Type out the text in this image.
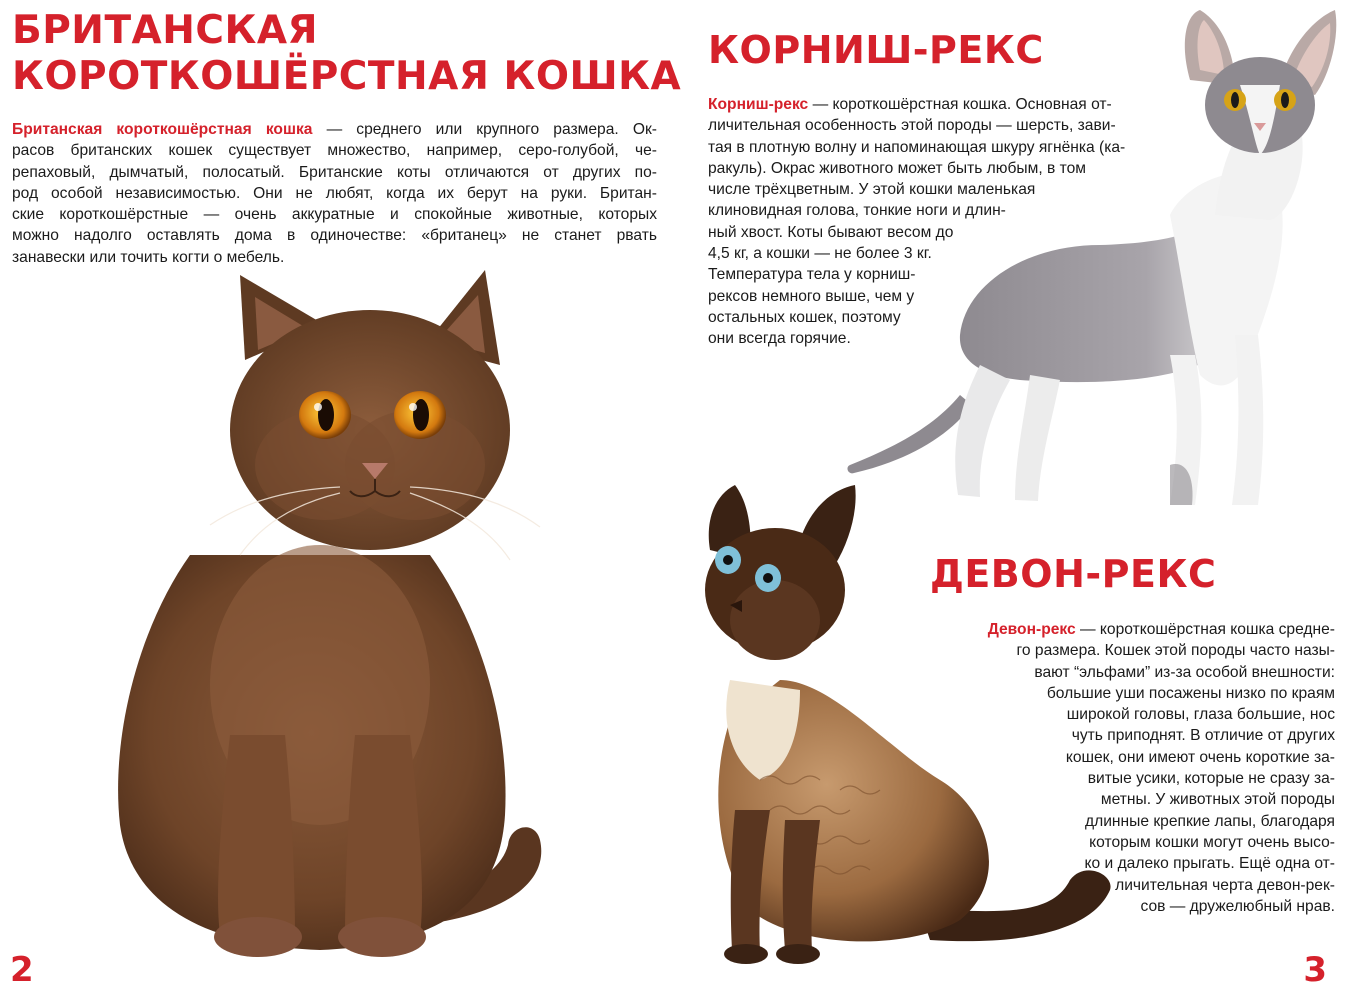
БРИТАНСКАЯ
КОРОТКОШЁРСТНАЯ КОШКА
Британская короткошёрстная кошка — среднего или крупного размера. Ок-
расов британских кошек существует множество, например, серо-голубой, че-
репаховый, дымчатый, полосатый. Британские коты отличаются от других по-
род особой независимостью. Они не любят, когда их берут на руки. Британ-
ские короткошёрстные — очень аккуратные и спокойные животные, которых
можно надолго оставлять дома в одиночестве: «британец» не станет рвать
занавески или точить когти о мебель.
2
КОРНИШ-РЕКС
Корниш-рекс — короткошёрстная кошка. Основная от-
личительная особенность этой породы — шерсть, зави-
тая в плотную волну и напоминающая шкуру ягнёнка (ка-
ракуль). Окрас животного может быть любым, в том
числе трёхцветным. У этой кошки маленькая
клиновидная голова, тонкие ноги и длин-
ный хвост. Коты бывают весом до
4,5 кг, а кошки — не более 3 кг.
Температура тела у корниш-
рексов немного выше, чем у
остальных кошек, поэтому
они всегда горячие.
ДЕВОН-РЕКС
Девон-рекс — короткошёрстная кошка средне-
го размера. Кошек этой породы часто назы-
вают “эльфами” из-за особой внешности:
большие уши посажены низко по краям
широкой головы, глаза большие, нос
чуть приподнят. В отличие от других
кошек, они имеют очень короткие за-
витые усики, которые не сразу за-
метны. У животных этой породы
длинные крепкие лапы, благодаря
которым кошки могут очень высо-
ко и далеко прыгать. Ещё одна от-
личительная черта девон-рек-
сов — дружелюбный нрав.
3
